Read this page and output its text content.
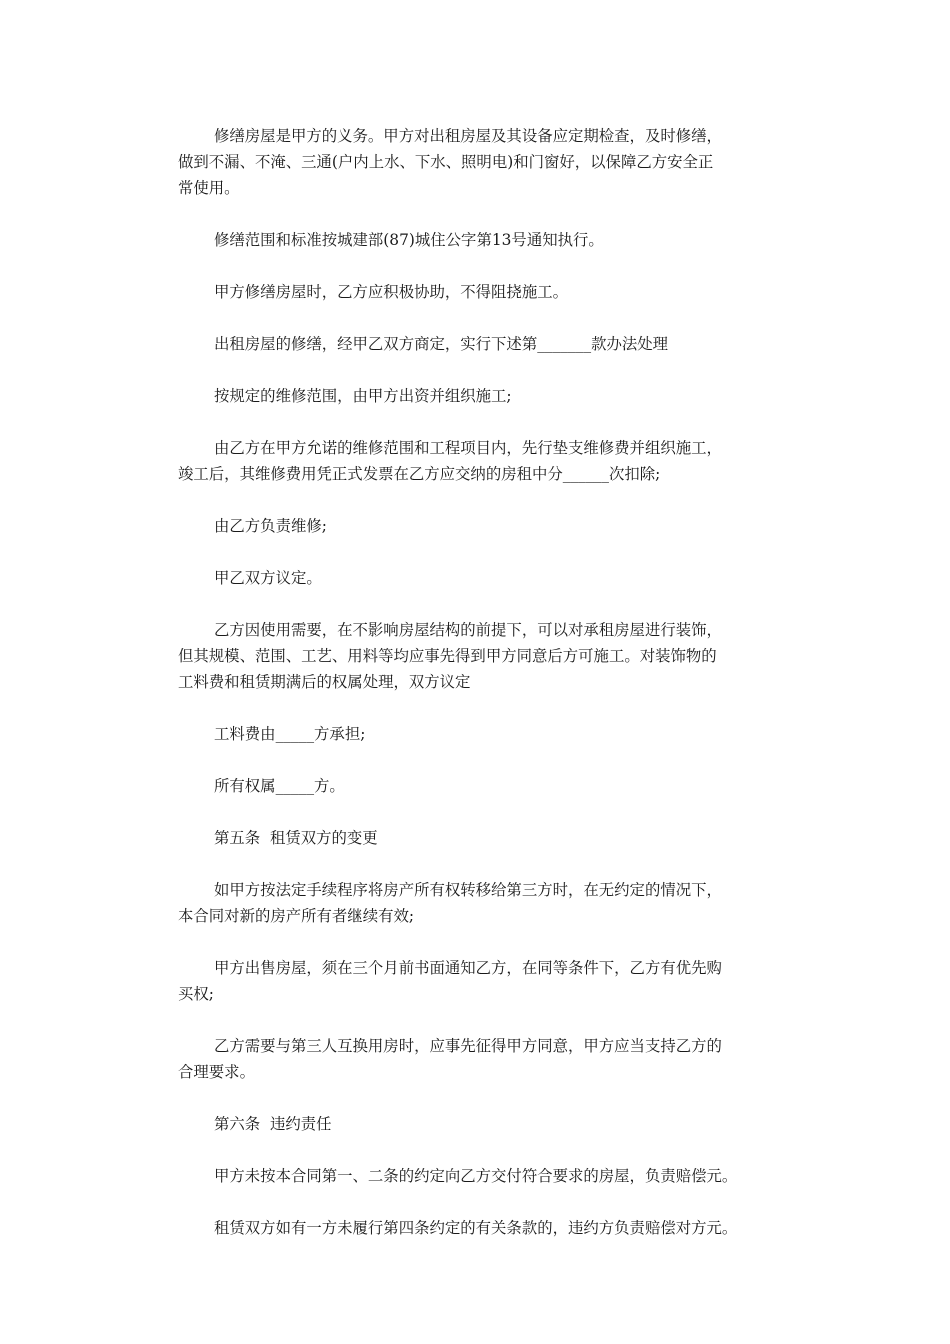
修缮房屋是甲方的义务。甲方对出租房屋及其设备应定期检查，及时修缮，
做到不漏、不淹、三通(户内上水、下水、照明电)和门窗好，以保障乙方安全正
常使用。

修缮范围和标准按城建部(87)城住公字第13号通知执行。

甲方修缮房屋时，乙方应积极协助，不得阻挠施工。

出租房屋的修缮，经甲乙双方商定，实行下述第_______款办法处理

按规定的维修范围，由甲方出资并组织施工;

由乙方在甲方允诺的维修范围和工程项目内，先行垫支维修费并组织施工，
竣工后，其维修费用凭正式发票在乙方应交纳的房租中分______次扣除;

由乙方负责维修;

甲乙双方议定。

乙方因使用需要，在不影响房屋结构的前提下，可以对承租房屋进行装饰，
但其规模、范围、工艺、用料等均应事先得到甲方同意后方可施工。对装饰物的
工料费和租赁期满后的权属处理，双方议定

工料费由_____方承担;

所有权属_____方。

第五条  租赁双方的变更

如甲方按法定手续程序将房产所有权转移给第三方时，在无约定的情况下，
本合同对新的房产所有者继续有效;

甲方出售房屋，须在三个月前书面通知乙方，在同等条件下，乙方有优先购
买权;

乙方需要与第三人互换用房时，应事先征得甲方同意，甲方应当支持乙方的
合理要求。

第六条  违约责任

甲方未按本合同第一、二条的约定向乙方交付符合要求的房屋，负责赔偿元。

租赁双方如有一方未履行第四条约定的有关条款的，违约方负责赔偿对方元。
